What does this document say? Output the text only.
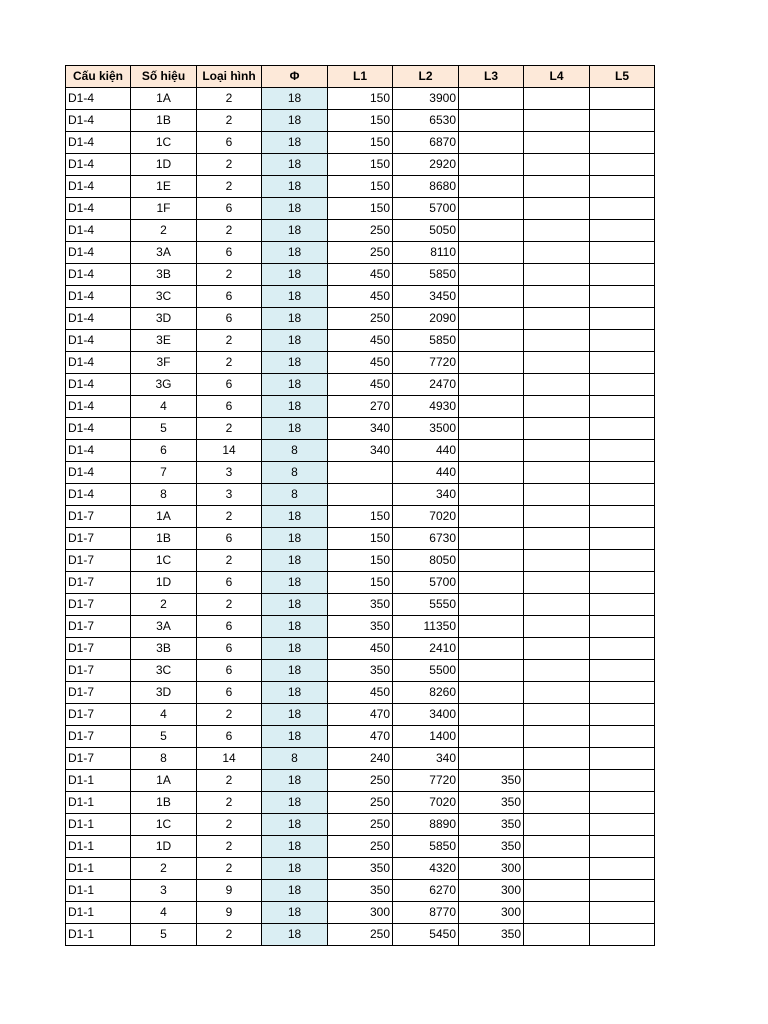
Cấu kiện	Số hiệu	Loại hình	Φ	L1	L2	L3	L4	L5
D1-4	1A	2	18	150	3900			
D1-4	1B	2	18	150	6530			
D1-4	1C	6	18	150	6870			
D1-4	1D	2	18	150	2920			
D1-4	1E	2	18	150	8680			
D1-4	1F	6	18	150	5700			
D1-4	2	2	18	250	5050			
D1-4	3A	6	18	250	8110			
D1-4	3B	2	18	450	5850			
D1-4	3C	6	18	450	3450			
D1-4	3D	6	18	250	2090			
D1-4	3E	2	18	450	5850			
D1-4	3F	2	18	450	7720			
D1-4	3G	6	18	450	2470			
D1-4	4	6	18	270	4930			
D1-4	5	2	18	340	3500			
D1-4	6	14	8	340	440			
D1-4	7	3	8		440			
D1-4	8	3	8		340			
D1-7	1A	2	18	150	7020			
D1-7	1B	6	18	150	6730			
D1-7	1C	2	18	150	8050			
D1-7	1D	6	18	150	5700			
D1-7	2	2	18	350	5550			
D1-7	3A	6	18	350	11350			
D1-7	3B	6	18	450	2410			
D1-7	3C	6	18	350	5500			
D1-7	3D	6	18	450	8260			
D1-7	4	2	18	470	3400			
D1-7	5	6	18	470	1400			
D1-7	8	14	8	240	340			
D1-1	1A	2	18	250	7720	350		
D1-1	1B	2	18	250	7020	350		
D1-1	1C	2	18	250	8890	350		
D1-1	1D	2	18	250	5850	350		
D1-1	2	2	18	350	4320	300		
D1-1	3	9	18	350	6270	300		
D1-1	4	9	18	300	8770	300		
D1-1	5	2	18	250	5450	350		
